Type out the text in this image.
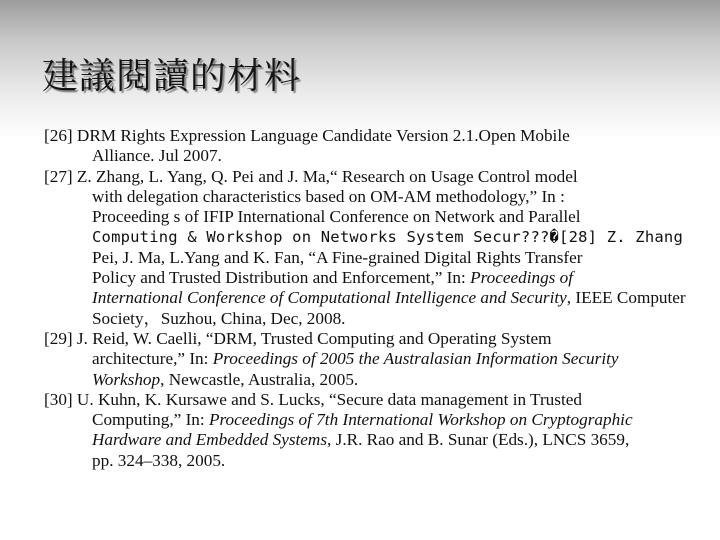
建議閱讀的材料
[26] DRM Rights Expression Language Candidate Version 2.1.Open Mobile
Alliance. Jul 2007.
[27] Z. Zhang, L. Yang, Q. Pei and J. Ma,“ Research on Usage Control model
with delegation characteristics based on OM-AM methodology,” In :
Proceeding s of IFIP International Conference on Network and Parallel
Computing & Workshop on Networks System Secur???�[28] Z. Zhang
Pei, J. Ma, L.Yang and K. Fan, “A Fine-grained Digital Rights Transfer
Policy and Trusted Distribution and Enforcement,” In: Proceedings of
International Conference of Computational Intelligence and Security, IEEE Computer
Society，Suzhou, China, Dec, 2008.
[29] J. Reid, W. Caelli, “DRM, Trusted Computing and Operating System
architecture,” In: Proceedings of 2005 the Australasian Information Security
Workshop, Newcastle, Australia, 2005.
[30] U. Kuhn, K. Kursawe and S. Lucks, “Secure data management in Trusted
Computing,” In: Proceedings of 7th International Workshop on Cryptographic
Hardware and Embedded Systems, J.R. Rao and B. Sunar (Eds.), LNCS 3659,
pp. 324–338, 2005.
